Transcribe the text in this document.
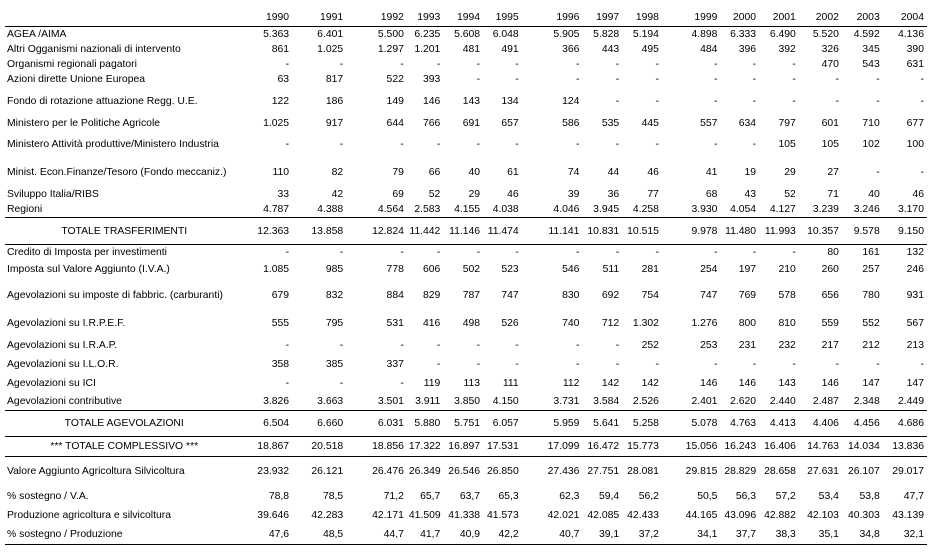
	1990	1991	1992	1993	1994	1995	1996	1997	1998	1999	2000	2001	2002	2003	2004
AGEA /AIMA	5.363	6.401	5.500	6.235	5.608	6.048	5.905	5.828	5.194	4.898	6.333	6.490	5.520	4.592	4.136
Altri Ogganismi nazionali di intervento	861	1.025	1.297	1.201	481	491	366	443	495	484	396	392	326	345	390
Organismi regionali pagatori	-	-	-	-	-	-	-	-	-	-	-	-	470	543	631
Azioni dirette Unione Europea	63	817	522	393	-	-	-	-	-	-	-	-	-	-	-
Fondo di rotazione attuazione Regg. U.E.	122	186	149	146	143	134	124	-	-	-	-	-	-	-	-
Ministero per le Politiche Agricole	1.025	917	644	766	691	657	586	535	445	557	634	797	601	710	677
Ministero Attività produttive/Ministero Industria	-	-	-	-	-	-	-	-	-	-	-	105	105	102	100
Minist. Econ.Finanze/Tesoro (Fondo meccaniz.)	110	82	79	66	40	61	74	44	46	41	19	29	27	-	-
Sviluppo Italia/RIBS	33	42	69	52	29	46	39	36	77	68	43	52	71	40	46
Regioni	4.787	4.388	4.564	2.583	4.155	4.038	4.046	3.945	4.258	3.930	4.054	4.127	3.239	3.246	3.170
TOTALE TRASFERIMENTI	12.363	13.858	12.824	11.442	11.146	11.474	11.141	10.831	10.515	9.978	11.480	11.993	10.357	9.578	9.150
Credito di Imposta per investimenti	-	-	-	-	-	-	-	-	-	-	-	-	80	161	132
Imposta sul Valore Aggiunto (I.V.A.)	1.085	985	778	606	502	523	546	511	281	254	197	210	260	257	246
Agevolazioni su imposte di fabbric. (carburanti)	679	832	884	829	787	747	830	692	754	747	769	578	656	780	931
Agevolazioni su I.R.P.E.F.	555	795	531	416	498	526	740	712	1.302	1.276	800	810	559	552	567
Agevolazioni su I.R.A.P.	-	-	-	-	-	-	-	-	252	253	231	232	217	212	213
Agevolazioni su I.L.O.R.	358	385	337	-	-	-	-	-	-	-	-	-	-	-	-
Agevolazioni su ICI	-	-	-	119	113	111	112	142	142	146	146	143	146	147	147
Agevolazioni contributive	3.826	3.663	3.501	3.911	3.850	4.150	3.731	3.584	2.526	2.401	2.620	2.440	2.487	2.348	2.449
TOTALE AGEVOLAZIONI	6.504	6.660	6.031	5.880	5.751	6.057	5.959	5.641	5.258	5.078	4.763	4.413	4.406	4.456	4.686
*** TOTALE COMPLESSIVO ***	18.867	20.518	18.856	17.322	16.897	17.531	17.099	16.472	15.773	15.056	16.243	16.406	14.763	14.034	13.836
Valore Aggiunto Agricoltura Silvicoltura	23.932	26.121	26.476	26.349	26.546	26.850	27.436	27.751	28.081	29.815	28.829	28.658	27.631	26.107	29.017
% sostegno / V.A.	78,8	78,5	71,2	65,7	63,7	65,3	62,3	59,4	56,2	50,5	56,3	57,2	53,4	53,8	47,7
Produzione agricoltura e silvicoltura	39.646	42.283	42.171	41.509	41.338	41.573	42.021	42.085	42.433	44.165	43.096	42.882	42.103	40.303	43.139
% sostegno / Produzione	47,6	48,5	44,7	41,7	40,9	42,2	40,7	39,1	37,2	34,1	37,7	38,3	35,1	34,8	32,1
